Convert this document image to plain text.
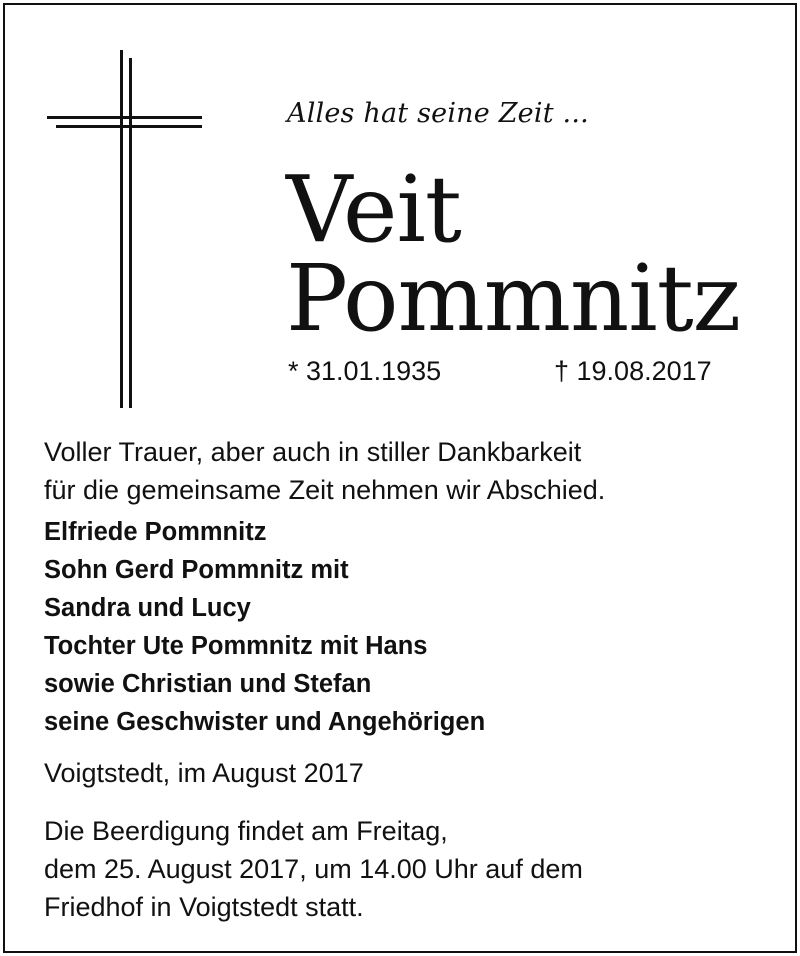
Alles hat seine Zeit ...
Veit
Pommnitz
* 31.01.1935	† 19.08.2017
Voller Trauer, aber auch in stiller Dankbarkeit
für die gemeinsame Zeit nehmen wir Abschied.
Elfriede Pommnitz
Sohn Gerd Pommnitz mit
Sandra und Lucy
Tochter Ute Pommnitz mit Hans
sowie Christian und Stefan
seine Geschwister und Angehörigen
Voigtstedt, im August 2017
Die Beerdigung findet am Freitag,
dem 25. August 2017, um 14.00 Uhr auf dem
Friedhof in Voigtstedt statt.
